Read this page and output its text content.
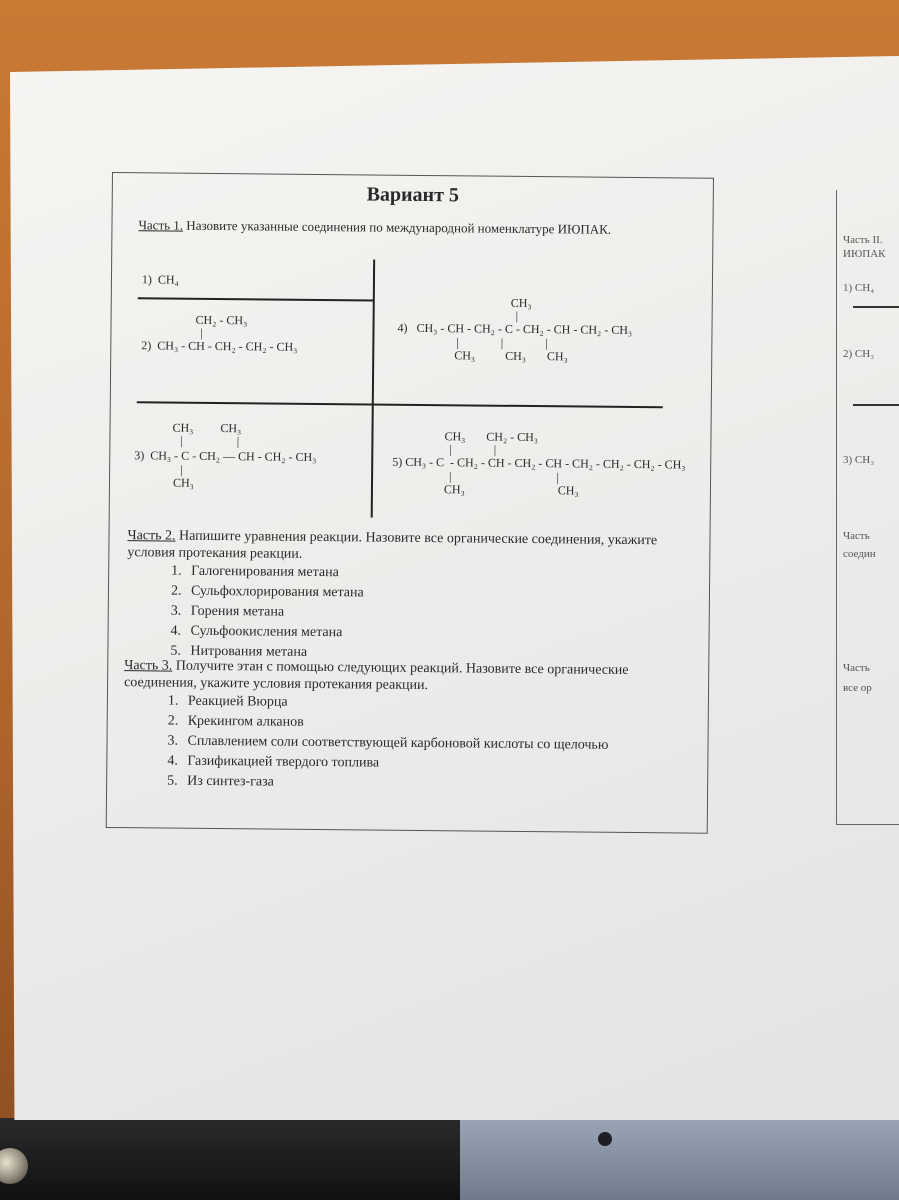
Вариант 5
Часть 1. Назовите указанные соединения по международной номенклатуре ИЮПАК.
1)  CH₄
CH₂ - CH₃
|
2)  CH₃ - CH - CH₂ - CH₂ - CH₃
CH₃
|
4)   CH₃ - CH - CH₂ - C - CH₂ - CH - CH₂ - CH₃
|              |              |
CH₃          CH₃       CH₃
CH₃         CH₃
|                  |
3)  CH₃ - C - CH₂ — CH - CH₂ - CH₃
|
CH₃
CH₃       CH₂ - CH₃
|              |
5) CH₃ - C  - CH₂ - CH - CH₂ - CH - CH₂ - CH₂ - CH₂ - CH₃
|                                   |
CH₃                               CH₃
Часть 2. Напишите уравнения реакции. Назовите все органические соединения, укажите условия протекания реакции.
1. Галогенирования метана
2. Сульфохлорирования метана
3. Горения метана
4. Сульфоокисления метана
5. Нитрования метана
Часть 3. Получите этан с помощью следующих реакций. Назовите все органические соединения, укажите условия протекания реакции.
1. Реакцией Вюрца
2. Крекингом алканов
3. Сплавлением соли соответствующей карбоновой кислоты со щелочью
4. Газификацией твердого топлива
5. Из синтез-газа
Часть II.
ИЮПАК
1) CH₄
2) CH₃
3) CH₃
Часть
соедин
Часть
все ор
